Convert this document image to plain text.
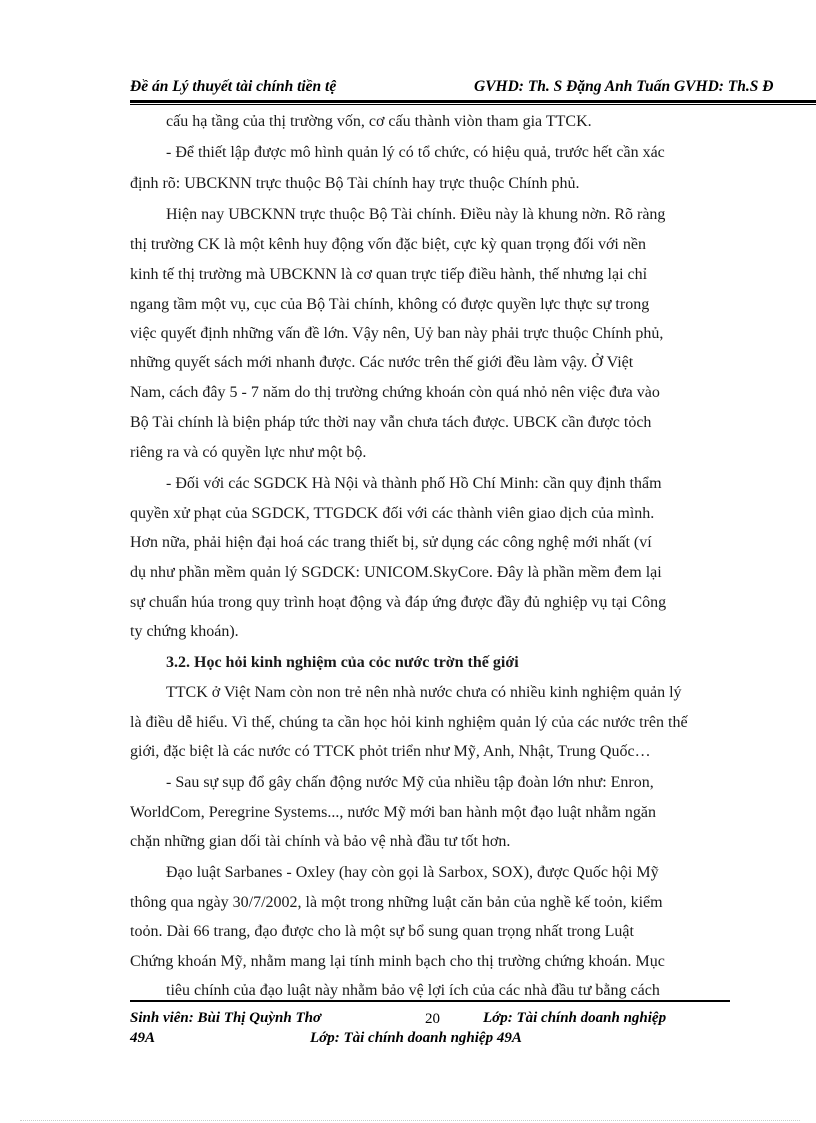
Đề án Lý thuyết tài chính tiền tệ	GVHD: Th. S Đặng Anh Tuấn GVHD: Th.S Đ
cấu hạ tầng của thị trường vốn, cơ cấu thành viòn tham gia TTCK.
- Để thiết lập được mô hình quản lý có tổ chức, có hiệu quả, trước hết cần xác
định rõ: UBCKNN trực thuộc Bộ Tài chính hay trực thuộc Chính phủ.
Hiện nay UBCKNN trực thuộc Bộ Tài chính. Điều này là khung nờn. Rõ ràng
thị trường CK là một kênh huy động vốn đặc biệt, cực kỳ quan trọng đối với nền
kinh tế thị trường mà UBCKNN là cơ quan trực tiếp điều hành, thế nhưng lại chỉ
ngang tầm một vụ, cục của Bộ Tài chính, không có được quyền lực thực sự trong
việc quyết định những vấn đề lớn. Vậy nên, Uỷ ban này phải trực thuộc Chính phủ,
những quyết sách mới nhanh được. Các nước trên thế giới đều làm vậy. Ở Việt
Nam, cách đây 5 - 7 năm do thị trường chứng khoán còn quá nhỏ nên việc đưa vào
Bộ Tài chính là biện pháp tức thời nay vẫn chưa tách được. UBCK cần được tỏch
riêng ra và có quyền lực như một bộ.
- Đối với các SGDCK Hà Nội và thành phố Hồ Chí Minh: cần quy định thẩm
quyền xử phạt của SGDCK, TTGDCK đối với các thành viên giao dịch của mình.
Hơn nữa, phải hiện đại hoá các trang thiết bị, sử dụng các công nghệ mới nhất (ví
dụ như phần mềm quản lý SGDCK: UNICOM.SkyCore. Đây là phần mềm đem lại
sự chuẩn húa trong quy trình hoạt động và đáp ứng được đầy đủ nghiệp vụ tại Công
ty chứng khoán).
3.2. Học hỏi kinh nghiệm của cỏc nước trờn thế giới
TTCK ở Việt Nam còn non trẻ nên nhà nước chưa có nhiều kinh nghiệm quản lý
là điều dễ hiểu. Vì thế, chúng ta cần học hỏi kinh nghiệm quản lý của các nước trên thế
giới, đặc biệt là các nước có TTCK phỏt triển như Mỹ, Anh, Nhật, Trung Quốc…
- Sau sự sụp đổ gây chấn động nước Mỹ của nhiều tập đoàn lớn như: Enron,
WorldCom, Peregrine Systems..., nước Mỹ mới ban hành một đạo luật nhằm ngăn
chặn những gian dối tài chính và bảo vệ nhà đầu tư tốt hơn.
Đạo luật Sarbanes - Oxley (hay còn gọi là Sarbox, SOX), được Quốc hội Mỹ
thông qua ngày 30/7/2002, là một trong những luật căn bản của nghề kế toỏn, kiểm
toỏn. Dài 66 trang, đạo được cho là một sự bổ sung quan trọng nhất trong Luật
Chứng khoán Mỹ, nhằm mang lại tính minh bạch cho thị trường chứng khoán. Mục
tiêu chính của đạo luật này nhằm bảo vệ lợi ích của các nhà đầu tư bằng cách
Sinh viên: Bùi Thị Quỳnh Thơ	20	Lớp: Tài chính doanh nghiệp
49A	Lớp: Tài chính doanh nghiệp 49A
